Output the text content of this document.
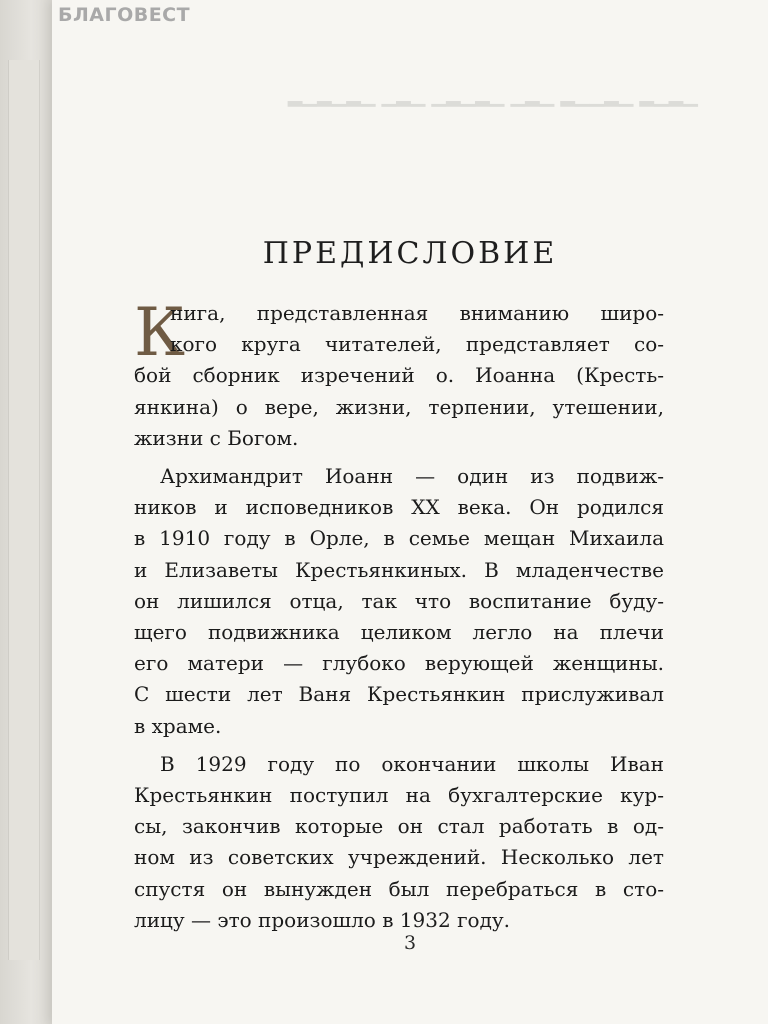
БЛАГОВЕСТ
▁▂▁▂ ▁▂▁▁▂ ▁▂▁ ▁▂▁▂▁ ▁▂▁ ▁▂▁▂▁▂
ПРЕДИСЛОВИЕ
К
нига, представленная вниманию широ-
кого круга читателей, представляет со-
бой сборник изречений о. Иоанна (Кресть-
янкина) о вере, жизни, терпении, утешении,
жизни с Богом.
Архимандрит Иоанн — один из подвиж-
ников и исповедников XX века. Он родился
в 1910 году в Орле, в семье мещан Михаила
и Елизаветы Крестьянкиных. В младенчестве
он лишился отца, так что воспитание буду-
щего подвижника целиком легло на плечи
его матери — глубоко верующей женщины.
С шести лет Ваня Крестьянкин прислуживал
в храме.
В 1929 году по окончании школы Иван
Крестьянкин поступил на бухгалтерские кур-
сы, закончив которые он стал работать в од-
ном из советских учреждений. Несколько лет
спустя он вынужден был перебраться в сто-
лицу — это произошло в 1932 году.
3
